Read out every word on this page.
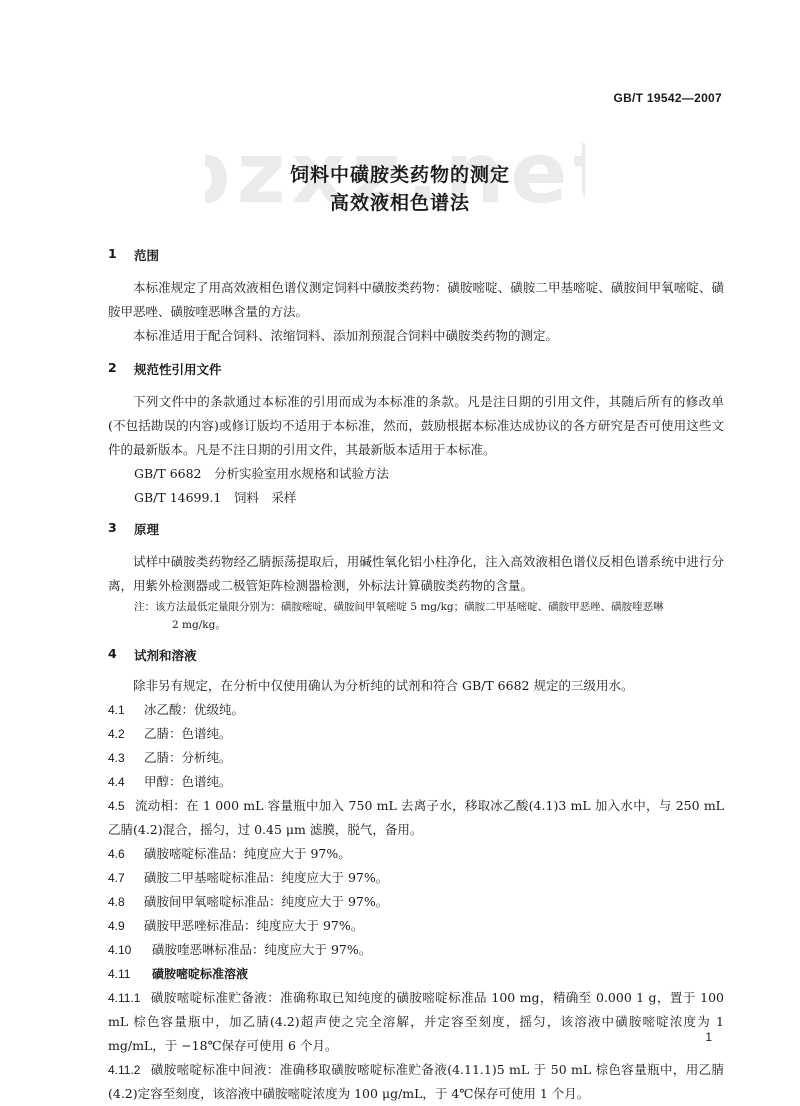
GB/T 19542—2007
zxz.ne
饲料中磺胺类药物的测定
高效液相色谱法
1	范围
本标准规定了用高效液相色谱仪测定饲料中磺胺类药物：磺胺嘧啶、磺胺二甲基嘧啶、磺胺间甲氧嘧啶、磺胺甲恶唑、磺胺喹恶啉含量的方法。
本标准适用于配合饲料、浓缩饲料、添加剂预混合饲料中磺胺类药物的测定。
2	规范性引用文件
下列文件中的条款通过本标准的引用而成为本标准的条款。凡是注日期的引用文件，其随后所有的修改单(不包括勘误的内容)或修订版均不适用于本标准，然而，鼓励根据本标准达成协议的各方研究是否可使用这些文件的最新版本。凡是不注日期的引用文件，其最新版本适用于本标准。
GB/T 6682　分析实验室用水规格和试验方法
GB/T 14699.1　饲料　采样
3	原理
试样中磺胺类药物经乙腈振荡提取后，用碱性氧化铝小柱净化，注入高效液相色谱仪反相色谱系统中进行分离，用紫外检测器或二极管矩阵检测器检测，外标法计算磺胺类药物的含量。
注：该方法最低定量限分别为：磺胺嘧啶、磺胺间甲氧嘧啶 5 mg/kg；磺胺二甲基嘧啶、磺胺甲恶唑、磺胺喹恶啉
2 mg/kg。
4	试剂和溶液
除非另有规定，在分析中仅使用确认为分析纯的试剂和符合 GB/T 6682 规定的三级用水。
4.1	冰乙酸：优级纯。
4.2	乙腈：色谱纯。
4.3	乙腈：分析纯。
4.4	甲醇：色谱纯。
4.5 流动相：在 1 000 mL 容量瓶中加入 750 mL 去离子水，移取冰乙酸(4.1)3 mL 加入水中，与 250 mL 乙腈(4.2)混合，摇匀，过 0.45 μm 滤膜，脱气，备用。
4.6	磺胺嘧啶标准品：纯度应大于 97%。
4.7	磺胺二甲基嘧啶标准品：纯度应大于 97%。
4.8	磺胺间甲氧嘧啶标准品：纯度应大于 97%。
4.9	磺胺甲恶唑标准品：纯度应大于 97%。
4.10	磺胺喹恶啉标准品：纯度应大于 97%。
4.11	磺胺嘧啶标准溶液
4.11.1 磺胺嘧啶标准贮备液：准确称取已知纯度的磺胺嘧啶标准品 100 mg，精确至 0.000 1 g，置于 100 mL 棕色容量瓶中，加乙腈(4.2)超声使之完全溶解，并定容至刻度，摇匀，该溶液中磺胺嘧啶浓度为 1 mg/mL，于 −18℃保存可使用 6 个月。
4.11.2 磺胺嘧啶标准中间液：准确移取磺胺嘧啶标准贮备液(4.11.1)5 mL 于 50 mL 棕色容量瓶中，用乙腈(4.2)定容至刻度，该溶液中磺胺嘧啶浓度为 100 μg/mL，于 4℃保存可使用 1 个月。
1
